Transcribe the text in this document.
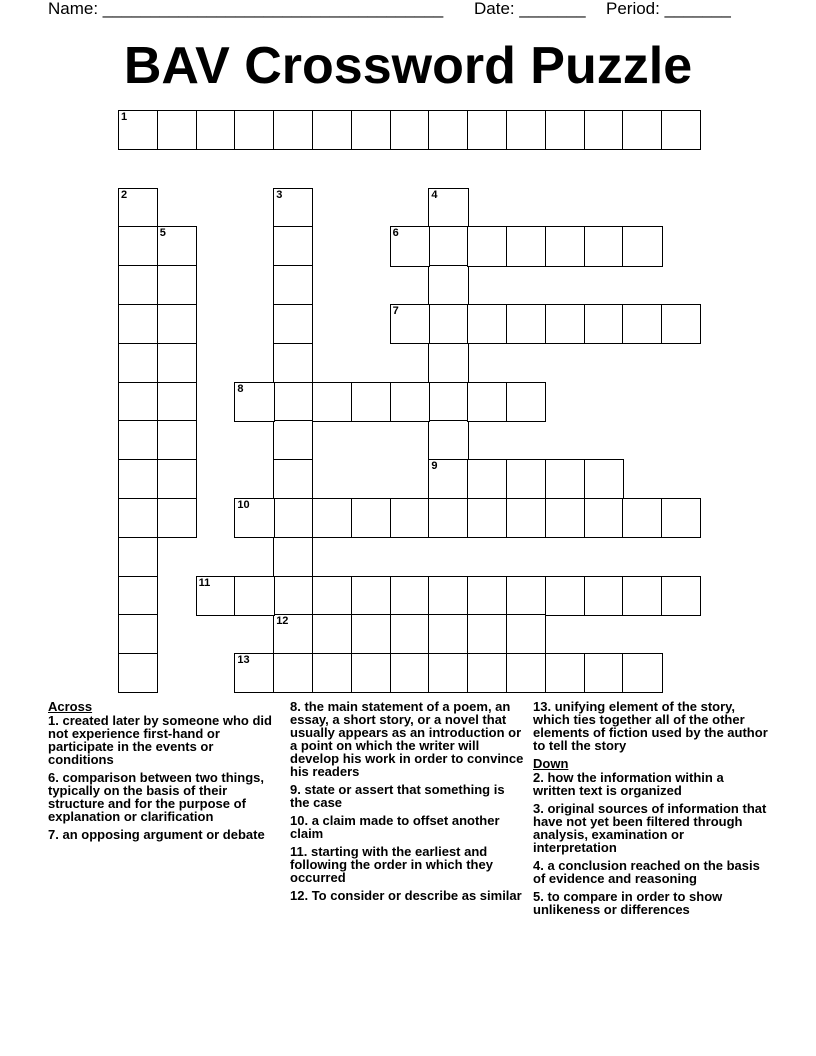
Name: ____________________________________ Date: _______ Period: _______
BAV Crossword Puzzle
1
2
5
3
12
4
9
6
7
8
10
11
13
Across
1. created later by someone who did not experience first-hand or participate in the events or conditions
6. comparison between two things, typically on the basis of their structure and for the purpose of explanation or clarification
7. an opposing argument or debate
8. the main statement of a poem, an essay, a short story, or a novel that usually appears as an introduction or a point on which the writer will develop his work in order to convince his readers
9. state or assert that something is the case
10. a claim made to offset another claim
11. starting with the earliest and following the order in which they occurred
12. To consider or describe as similar
13. unifying element of the story, which ties together all of the other elements of fiction used by the author to tell the story
Down
2. how the information within a written text is organized
3. original sources of information that have not yet been filtered through analysis, examination or interpretation
4. a conclusion reached on the basis of evidence and reasoning
5. to compare in order to show unlikeness or differences
